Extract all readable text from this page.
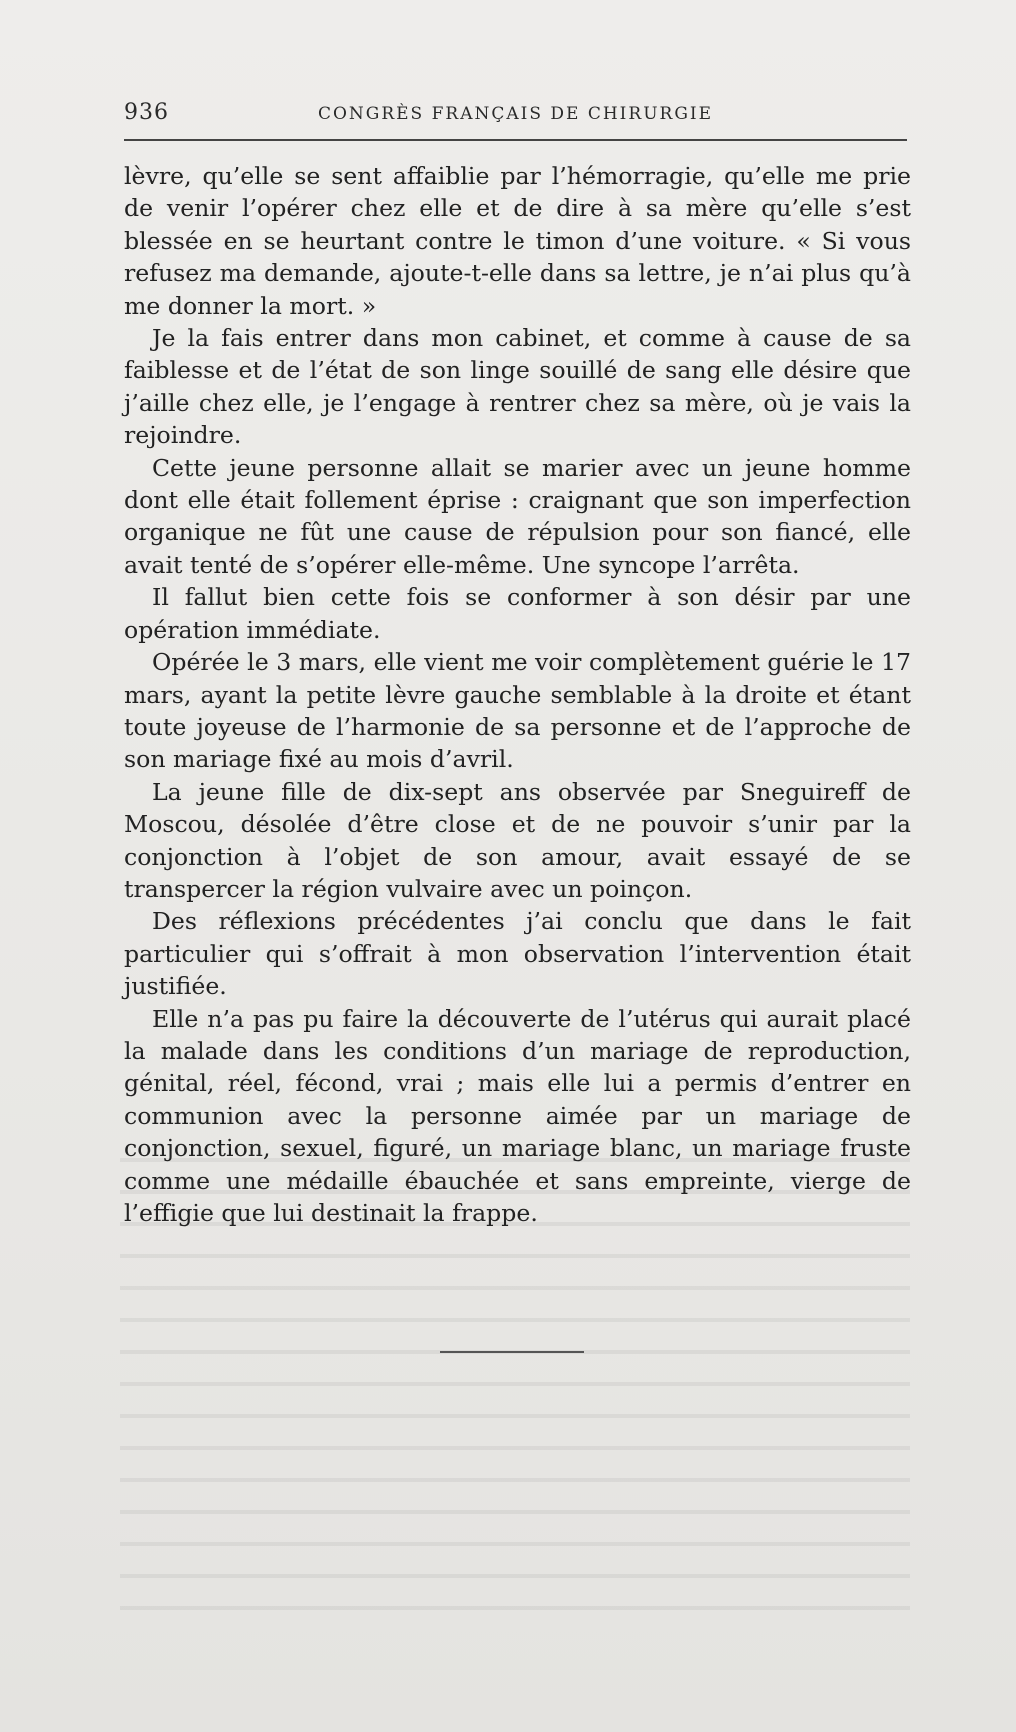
936	CONGRÈS FRANÇAIS DE CHIRURGIE

lèvre, qu’elle se sent affaiblie par l’hémorragie, qu’elle me prie de venir l’opérer chez elle et de dire à sa mère qu’elle s’est blessée en se heurtant contre le timon d’une voiture. « Si vous refusez ma demande, ajoute-t-elle dans sa lettre, je n’ai plus qu’à me donner la mort. »

Je la fais entrer dans mon cabinet, et comme à cause de sa faiblesse et de l’état de son linge souillé de sang elle désire que j’aille chez elle, je l’engage à rentrer chez sa mère, où je vais la rejoindre.

Cette jeune personne allait se marier avec un jeune homme dont elle était follement éprise : craignant que son imperfection organique ne fût une cause de répulsion pour son fiancé, elle avait tenté de s’opérer elle-même. Une syncope l’arrêta.

Il fallut bien cette fois se conformer à son désir par une opération immédiate.

Opérée le 3 mars, elle vient me voir complètement guérie le 17 mars, ayant la petite lèvre gauche semblable à la droite et étant toute joyeuse de l’harmonie de sa personne et de l’approche de son mariage fixé au mois d’avril.

La jeune fille de dix-sept ans observée par Sneguireff de Moscou, désolée d’être close et de ne pouvoir s’unir par la conjonction à l’objet de son amour, avait essayé de se transpercer la région vulvaire avec un poinçon.

Des réflexions précédentes j’ai conclu que dans le fait particulier qui s’offrait à mon observation l’intervention était justifiée.

Elle n’a pas pu faire la découverte de l’utérus qui aurait placé la malade dans les conditions d’un mariage de reproduction, génital, réel, fécond, vrai ; mais elle lui a permis d’entrer en communion avec la personne aimée par un mariage de conjonction, sexuel, figuré, un mariage blanc, un mariage fruste comme une médaille ébauchée et sans empreinte, vierge de l’effigie que lui destinait la frappe.
